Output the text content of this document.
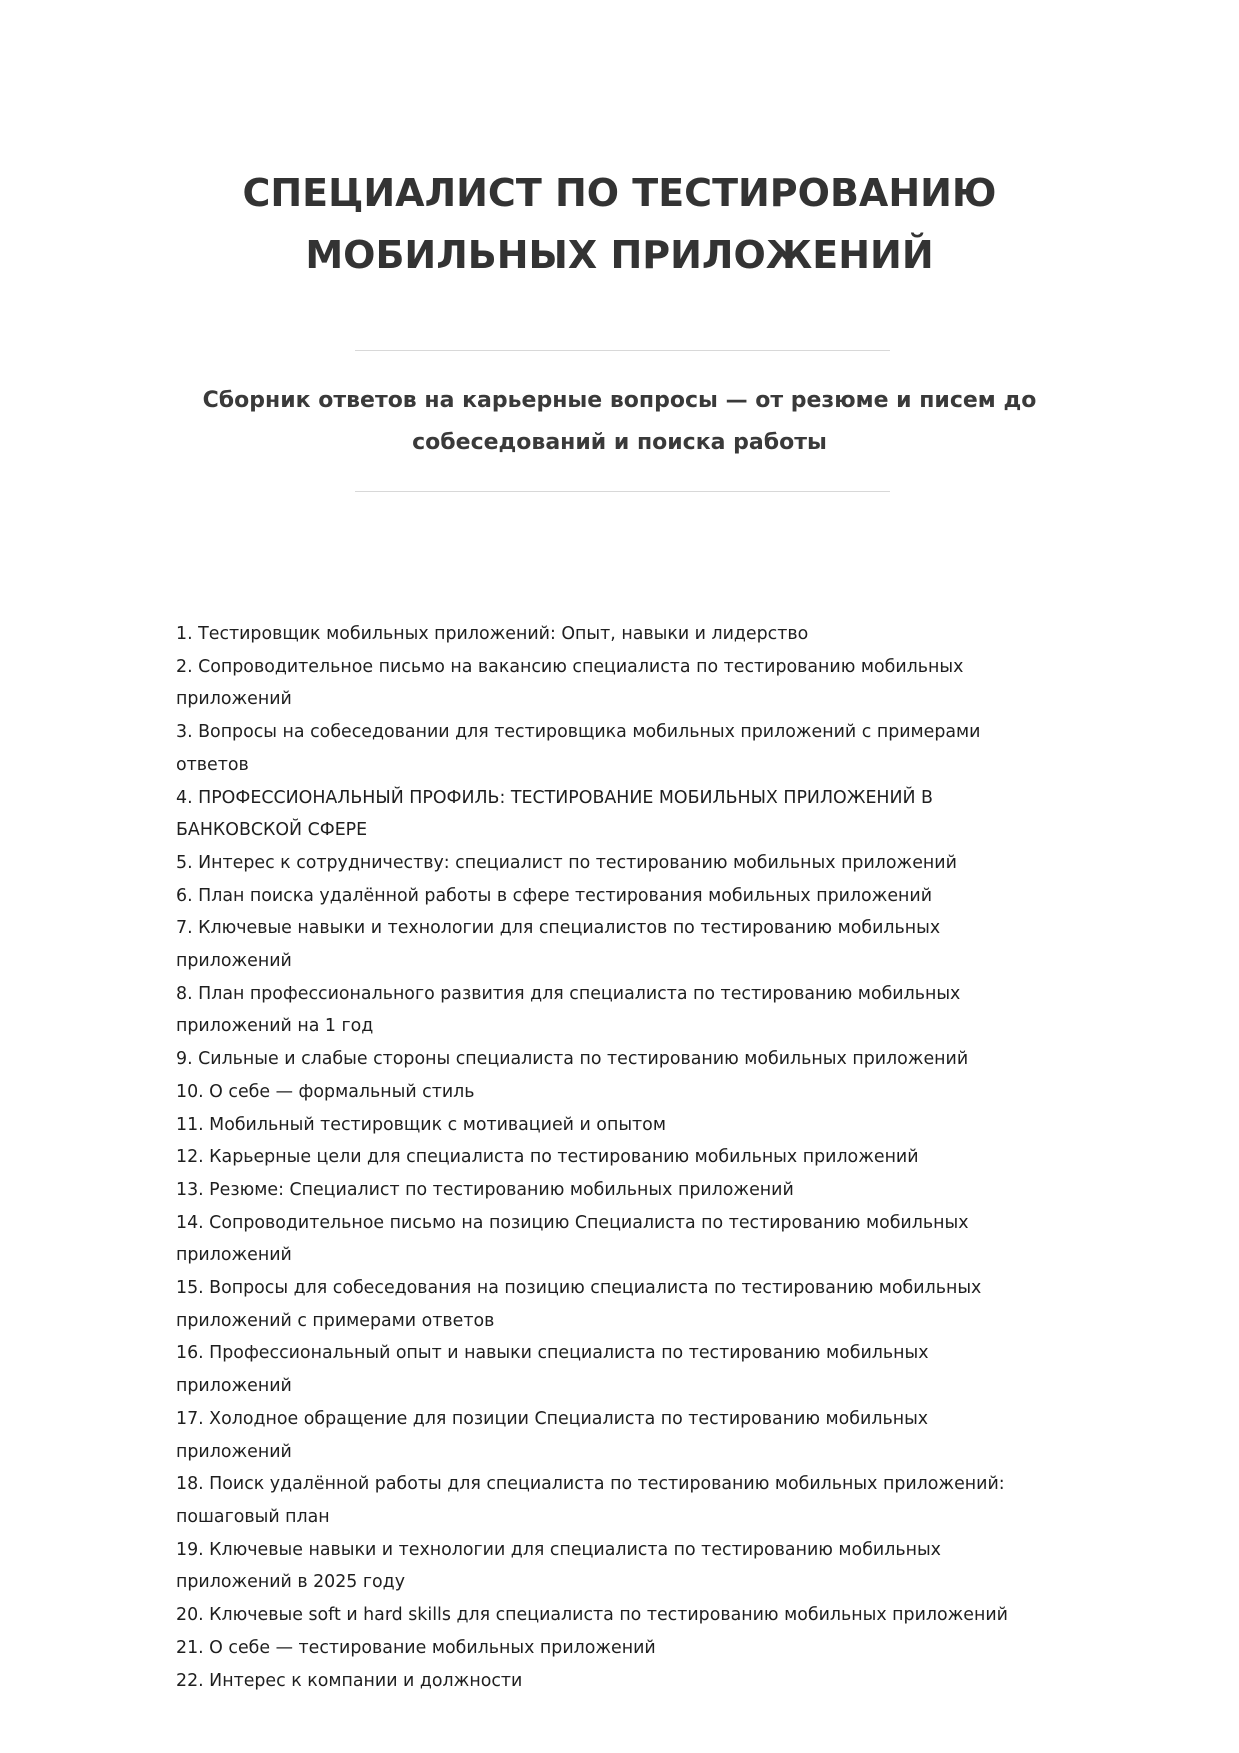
СПЕЦИАЛИСТ ПО ТЕСТИРОВАНИЮ
МОБИЛЬНЫХ ПРИЛОЖЕНИЙ

Сборник ответов на карьерные вопросы — от резюме и писем до
собеседований и поиска работы

1. Тестировщик мобильных приложений: Опыт, навыки и лидерство
2. Сопроводительное письмо на вакансию специалиста по тестированию мобильных
приложений
3. Вопросы на собеседовании для тестировщика мобильных приложений с примерами
ответов
4. ПРОФЕССИОНАЛЬНЫЙ ПРОФИЛЬ: ТЕСТИРОВАНИЕ МОБИЛЬНЫХ ПРИЛОЖЕНИЙ В
БАНКОВСКОЙ СФЕРЕ
5. Интерес к сотрудничеству: специалист по тестированию мобильных приложений
6. План поиска удалённой работы в сфере тестирования мобильных приложений
7. Ключевые навыки и технологии для специалистов по тестированию мобильных
приложений
8. План профессионального развития для специалиста по тестированию мобильных
приложений на 1 год
9. Сильные и слабые стороны специалиста по тестированию мобильных приложений
10. О себе — формальный стиль
11. Мобильный тестировщик с мотивацией и опытом
12. Карьерные цели для специалиста по тестированию мобильных приложений
13. Резюме: Специалист по тестированию мобильных приложений
14. Сопроводительное письмо на позицию Специалиста по тестированию мобильных
приложений
15. Вопросы для собеседования на позицию специалиста по тестированию мобильных
приложений с примерами ответов
16. Профессиональный опыт и навыки специалиста по тестированию мобильных
приложений
17. Холодное обращение для позиции Специалиста по тестированию мобильных
приложений
18. Поиск удалённой работы для специалиста по тестированию мобильных приложений:
пошаговый план
19. Ключевые навыки и технологии для специалиста по тестированию мобильных
приложений в 2025 году
20. Ключевые soft и hard skills для специалиста по тестированию мобильных приложений
21. О себе — тестирование мобильных приложений
22. Интерес к компании и должности
